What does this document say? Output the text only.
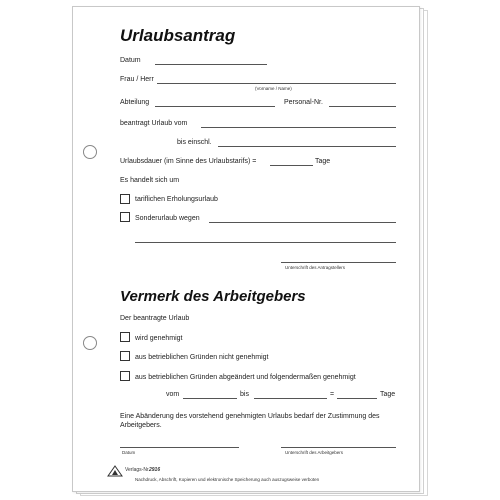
Urlaubsantrag
Datum
Frau / Herr
(Vorname / Name)
Abteilung	Personal-Nr.
beantragt Urlaub vom
bis einschl.
Urlaubsdauer (im Sinne des Urlaubstarifs) =	Tage
Es handelt sich um
tariflichen Erholungsurlaub
Sonderurlaub wegen
Unterschrift des Antragstellers
Vermerk des Arbeitgebers
Der beantragte Urlaub
wird genehmigt
aus betrieblichen Gründen nicht genehmigt
aus betrieblichen Gründen abgeändert und folgendermaßen genehmigt
vom	bis	=	Tage
Eine Abänderung des vorstehend genehmigten Urlaubs bedarf der Zustimmung des Arbeitgebers.
Datum	Unterschrift des Arbeitgebers
Verlags-Nr. 2916
Nachdruck, Abschrift, Kopieren und elektronische Speicherung auch auszugsweise verboten
